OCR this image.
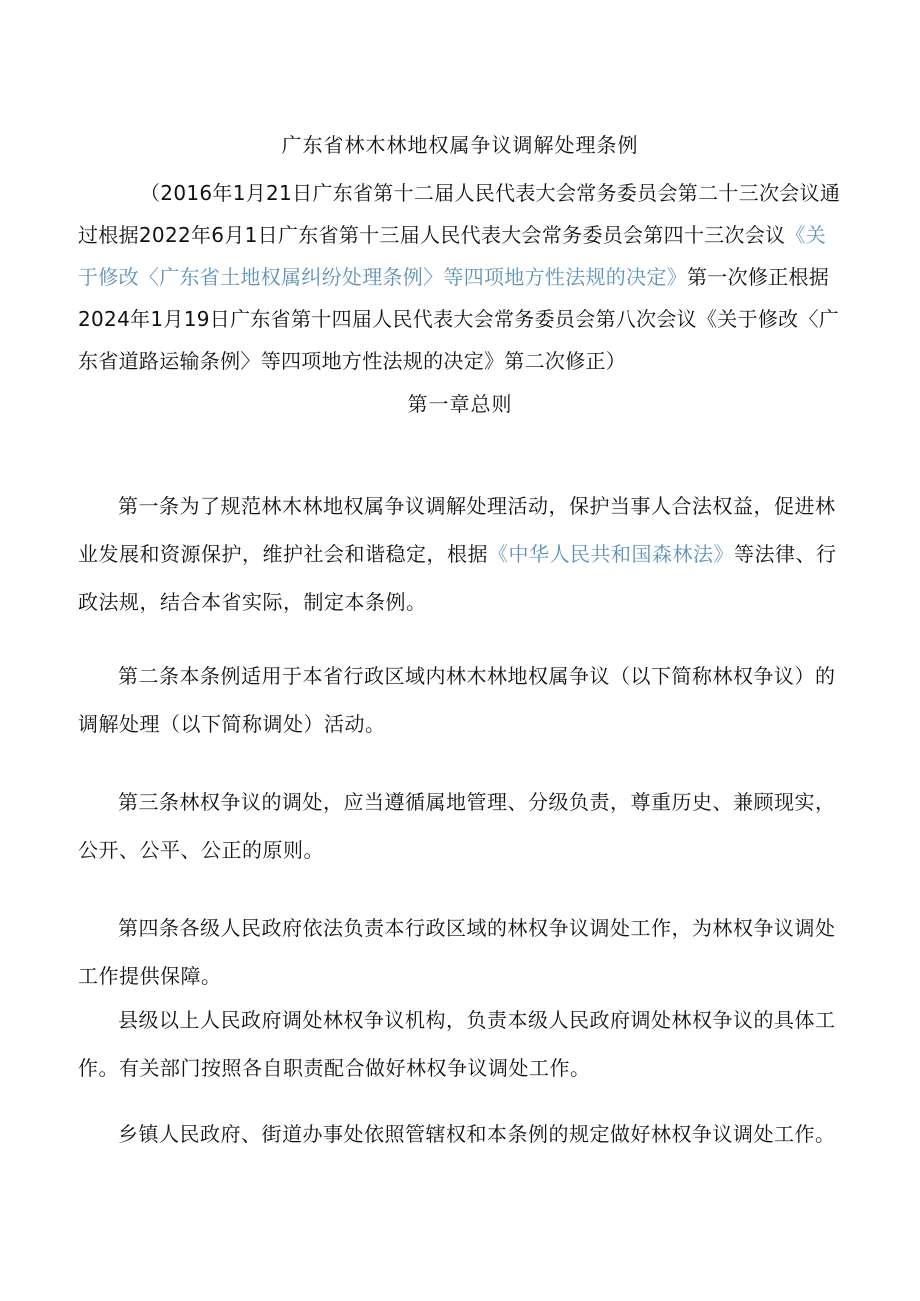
广东省林木林地权属争议调解处理条例
（2016年1月21日广东省第十二届人民代表大会常务委员会第二十三次会议通过根据2022年6月1日广东省第十三届人民代表大会常务委员会第四十三次会议《关于修改〈广东省土地权属纠纷处理条例〉等四项地方性法规的决定》第一次修正根据2024年1月19日广东省第十四届人民代表大会常务委员会第八次会议《关于修改〈广东省道路运输条例〉等四项地方性法规的决定》第二次修正）
第一章总则

第一条为了规范林木林地权属争议调解处理活动，保护当事人合法权益，促进林业发展和资源保护，维护社会和谐稳定，根据《中华人民共和国森林法》等法律、行政法规，结合本省实际，制定本条例。

第二条本条例适用于本省行政区域内林木林地权属争议（以下简称林权争议）的调解处理（以下简称调处）活动。

第三条林权争议的调处，应当遵循属地管理、分级负责，尊重历史、兼顾现实，公开、公平、公正的原则。

第四条各级人民政府依法负责本行政区域的林权争议调处工作，为林权争议调处工作提供保障。

县级以上人民政府调处林权争议机构，负责本级人民政府调处林权争议的具体工作。有关部门按照各自职责配合做好林权争议调处工作。

乡镇人民政府、街道办事处依照管辖权和本条例的规定做好林权争议调处工作。
